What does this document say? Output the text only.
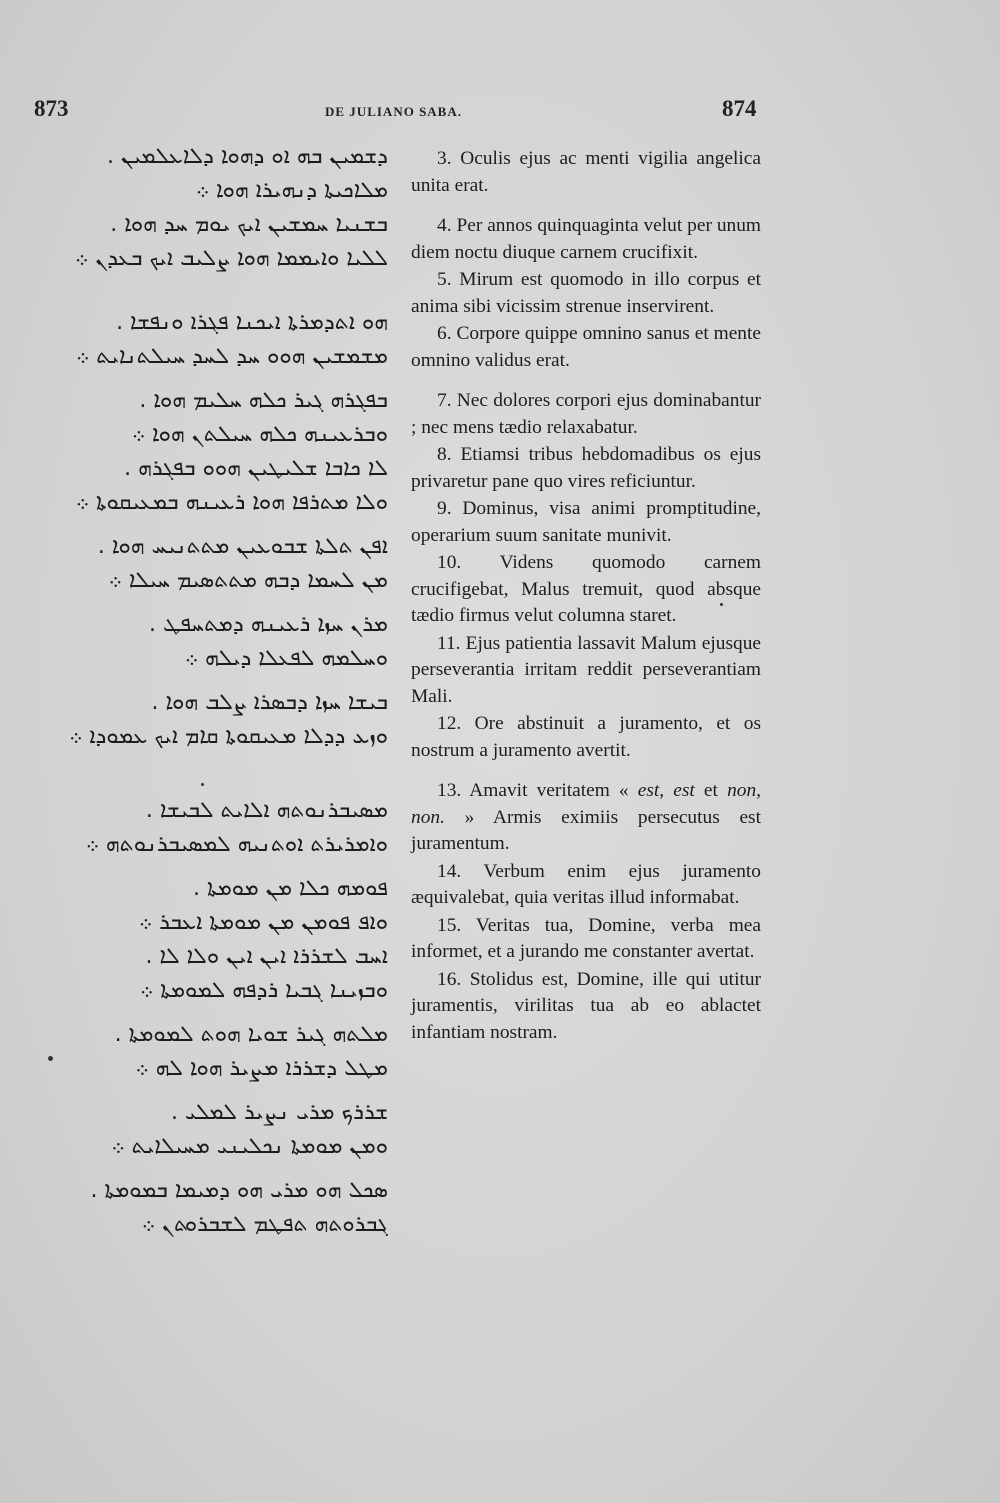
873	DE JULIANO SABA.	874
ܕܫܡܝܢ ܒܗ ܐܘ ܕܗܘܐ ܕܠܐܥܠܡܝܢ .
ܡܠܐܟܝܬܐ ܕܢܗܝܪܐ ܗܘܐ ܀
ܒܫܢܝܐ ܚܡܫܝܢ ܐܝܟ ܝܘܡ ܚܕ ܗܘܐ .
ܠܠܝܐ ܘܐܝܡܡܐ ܗܘܐ ܨܠܝܒ ܐܝܟ ܒܥܕܢ ܀
ܗܘ ܐܬܕܡܪܬܐ ܐܝܟܢܐ ܦܓܪܐ ܘܢܦܫܐ .
ܡܫܡܫܝܢ ܗܘܘ ܚܕ ܠܚܕ ܚܝܠܬܢܐܝܬ ܀
ܒܦܓܪܗ ܓܝܪ ܟܠܗ ܚܠܝܡ ܗܘܐ .
ܘܒܪܥܝܢܗ ܟܠܗ ܚܝܠܬܢ ܗܘܐ ܀
ܠܐ ܟܐܒܐ ܫܠܝܛܝܢ ܗܘܘ ܒܦܓܪܗ .
ܘܠܐ ܡܬܪܦܐ ܗܘܐ ܪܥܝܢܗ ܒܡܥܝܩܘܬܐ ܀
ܐܦܢ ܬܠܬܐ ܫܒܘܥܝܢ ܡܬܬܢܝܚ ܗܘܐ .
ܡܢ ܠܚܡܐ ܕܒܗ ܡܬܬܣܝܡ ܚܝܠܐ ܀
ܡܪܢ ܚܙܐ ܪܥܝܢܗ ܕܡܬܚܦܛ .
ܘܚܠܡܗ ܠܦܥܠܐ ܕܝܠܗ ܀
ܒܝܫܐ ܚܙܐ ܕܒܣܪܐ ܨܠܒ ܗܘܐ .
ܘܙܥ ܕܕܠܐ ܡܥܝܩܘܬܐ ܩܐܡ ܐܝܟ ܥܡܘܕܐ ܀
ܡܣܝܒܪܢܘܬܗ ܐܠܐܝܬ ܠܒܝܫܐ .
ܘܐܡܪܝܪܬ ܐܘܬܢܝܗ ܠܡܣܝܒܪܢܘܬܗ ܀
ܦܘܡܗ ܟܠܐ ܡܢ ܡܘܡܬܐ .
ܘܐܦ ܦܘܡܢ ܡܢ ܡܘܡܬܐ ܐܥܒܪ ܀
ܐܚܒ ܠܫܪܪܐ ܐܝܢ ܐܝܢ ܘܠܐ ܠܐ .
ܘܒܙܝܢܐ ܓܒܝܐ ܪܕܦܗ ܠܡܘܡܬܐ ܀
ܡܠܬܗ ܓܝܪ ܫܘܝܐ ܗܘܬ ܠܡܘܡܬܐ .
ܡܛܠ ܕܫܪܪܐ ܡܨܝܪ ܗܘܐ ܠܗ ܀
ܫܪܪܟ ܡܪܝ ܢܨܝܪ ܠܡܠܝ .
ܘܡܢ ܡܘܡܬܐ ܢܟܠܝܢܝ ܡܚܝܠܐܝܬ ܀
ܣܟܠ ܗܘ ܡܪܝ ܗܘ ܕܡܝܡܐ ܒܡܘܡܬܐ .
ܓܒܪܘܬܗ ܬܦܛܡ ܠܫܒܪܘܬܢ ܀

3. Oculis ejus ac menti vigilia angelica unita erat.

4. Per annos quinquaginta velut per unum diem noctu diuque carnem crucifixit.

5. Mirum est quomodo in illo corpus et anima sibi vicissim strenue inservirent.

6. Corpore quippe omnino sanus et mente omnino validus erat.

7. Nec dolores corpori ejus dominabantur ; nec mens tædio relaxabatur.

8. Etiamsi tribus hebdomadibus os ejus privaretur pane quo vires reficiuntur.

9. Dominus, visa animi promptitudine, operarium suum sanitate munivit.

10. Videns quomodo carnem crucifigebat, Malus tremuit, quod absque tædio firmus velut columna staret.

11. Ejus patientia lassavit Malum ejusque perseverantia irritam reddit perseverantiam Mali.

12. Ore abstinuit a juramento, et os nostrum a juramento avertit.

13. Amavit veritatem « est, est et non, non. » Armis eximiis persecutus est juramentum.

14. Verbum enim ejus juramento æquivalebat, quia veritas illud informabat.

15. Veritas tua, Domine, verba mea informet, et a jurando me constanter avertat.

16. Stolidus est, Domine, ille qui utitur juramentis, virilitas tua ab eo ablactet infantiam nostram.
